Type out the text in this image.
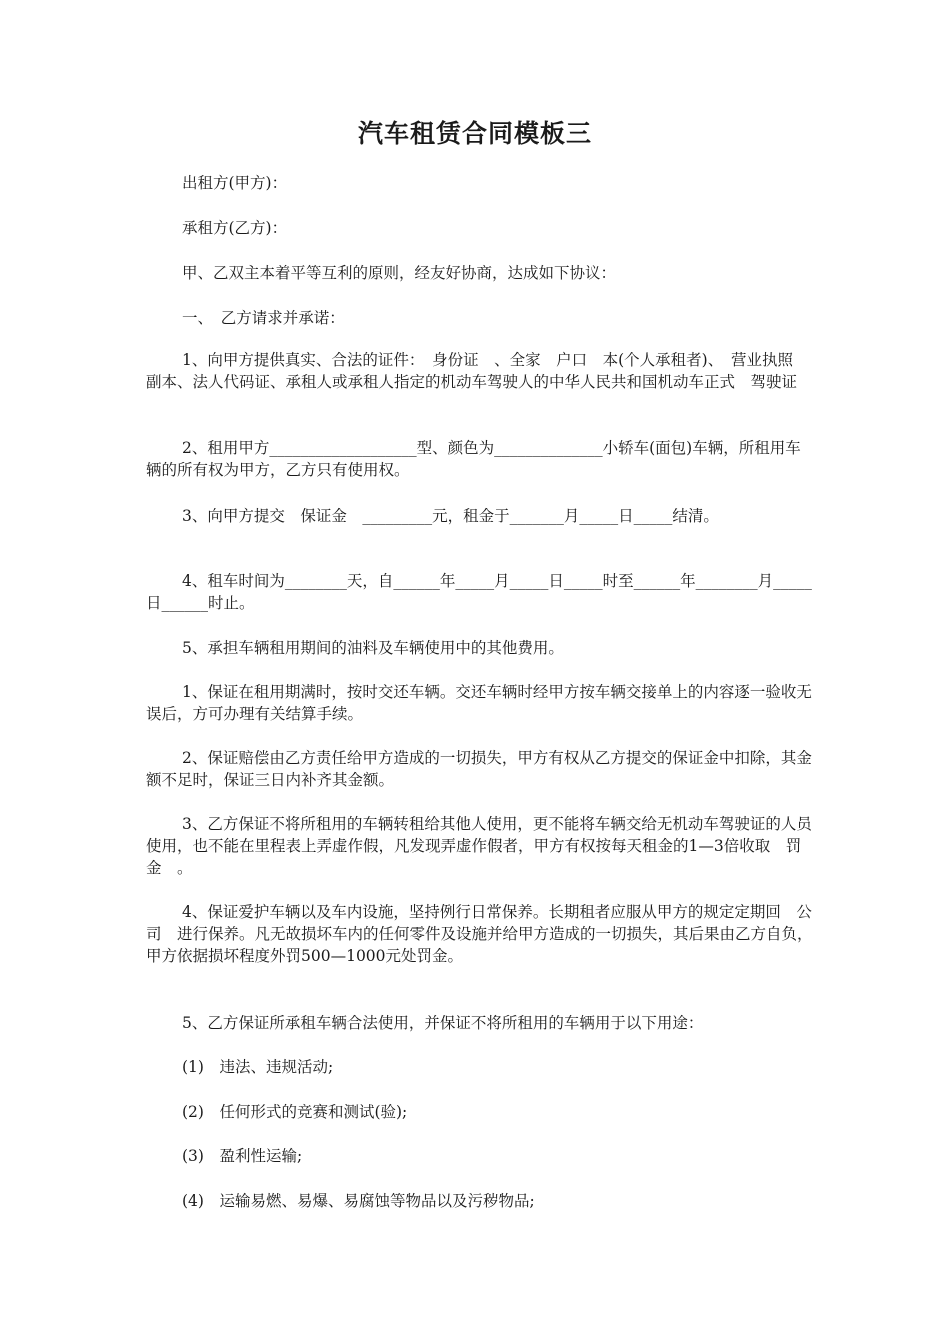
汽车租赁合同模板三
出租方(甲方)：
承租方(乙方)：
甲、乙双主本着平等互利的原则，经友好协商，达成如下协议：
一、　乙方请求并承诺：
1、向甲方提供真实、合法的证件：　身份证　、全家　户口　本(个人承租者)、　营业执照　副本、法人代码证、承租人或承租人指定的机动车驾驶人的中华人民共和国机动车正式　驾驶证
2、租用甲方___________________型、颜色为______________小轿车(面包)车辆，所租用车辆的所有权为甲方，乙方只有使用权。
3、向甲方提交　保证金　_________元，租金于_______月_____日_____结清。
4、租车时间为________天，自______年_____月_____日_____时至______年________月_____日______时止。
5、承担车辆租用期间的油料及车辆使用中的其他费用。
1、保证在租用期满时，按时交还车辆。交还车辆时经甲方按车辆交接单上的内容逐一验收无误后，方可办理有关结算手续。
2、保证赔偿由乙方责任给甲方造成的一切损失，甲方有权从乙方提交的保证金中扣除，其金额不足时，保证三日内补齐其金额。
3、乙方保证不将所租用的车辆转租给其他人使用，更不能将车辆交给无机动车驾驶证的人员使用，也不能在里程表上弄虚作假，凡发现弄虚作假者，甲方有权按每天租金的1—3倍收取　罚金　。
4、保证爱护车辆以及车内设施，坚持例行日常保养。长期租者应服从甲方的规定定期回　公司　进行保养。凡无故损坏车内的任何零件及设施并给甲方造成的一切损失，其后果由乙方自负，甲方依据损坏程度外罚500—1000元处罚金。
5、乙方保证所承租车辆合法使用，并保证不将所租用的车辆用于以下用途：
(1)　违法、违规活动;
(2)　任何形式的竞赛和测试(验);
(3)　盈利性运输;
(4)　运输易燃、易爆、易腐蚀等物品以及污秽物品;
